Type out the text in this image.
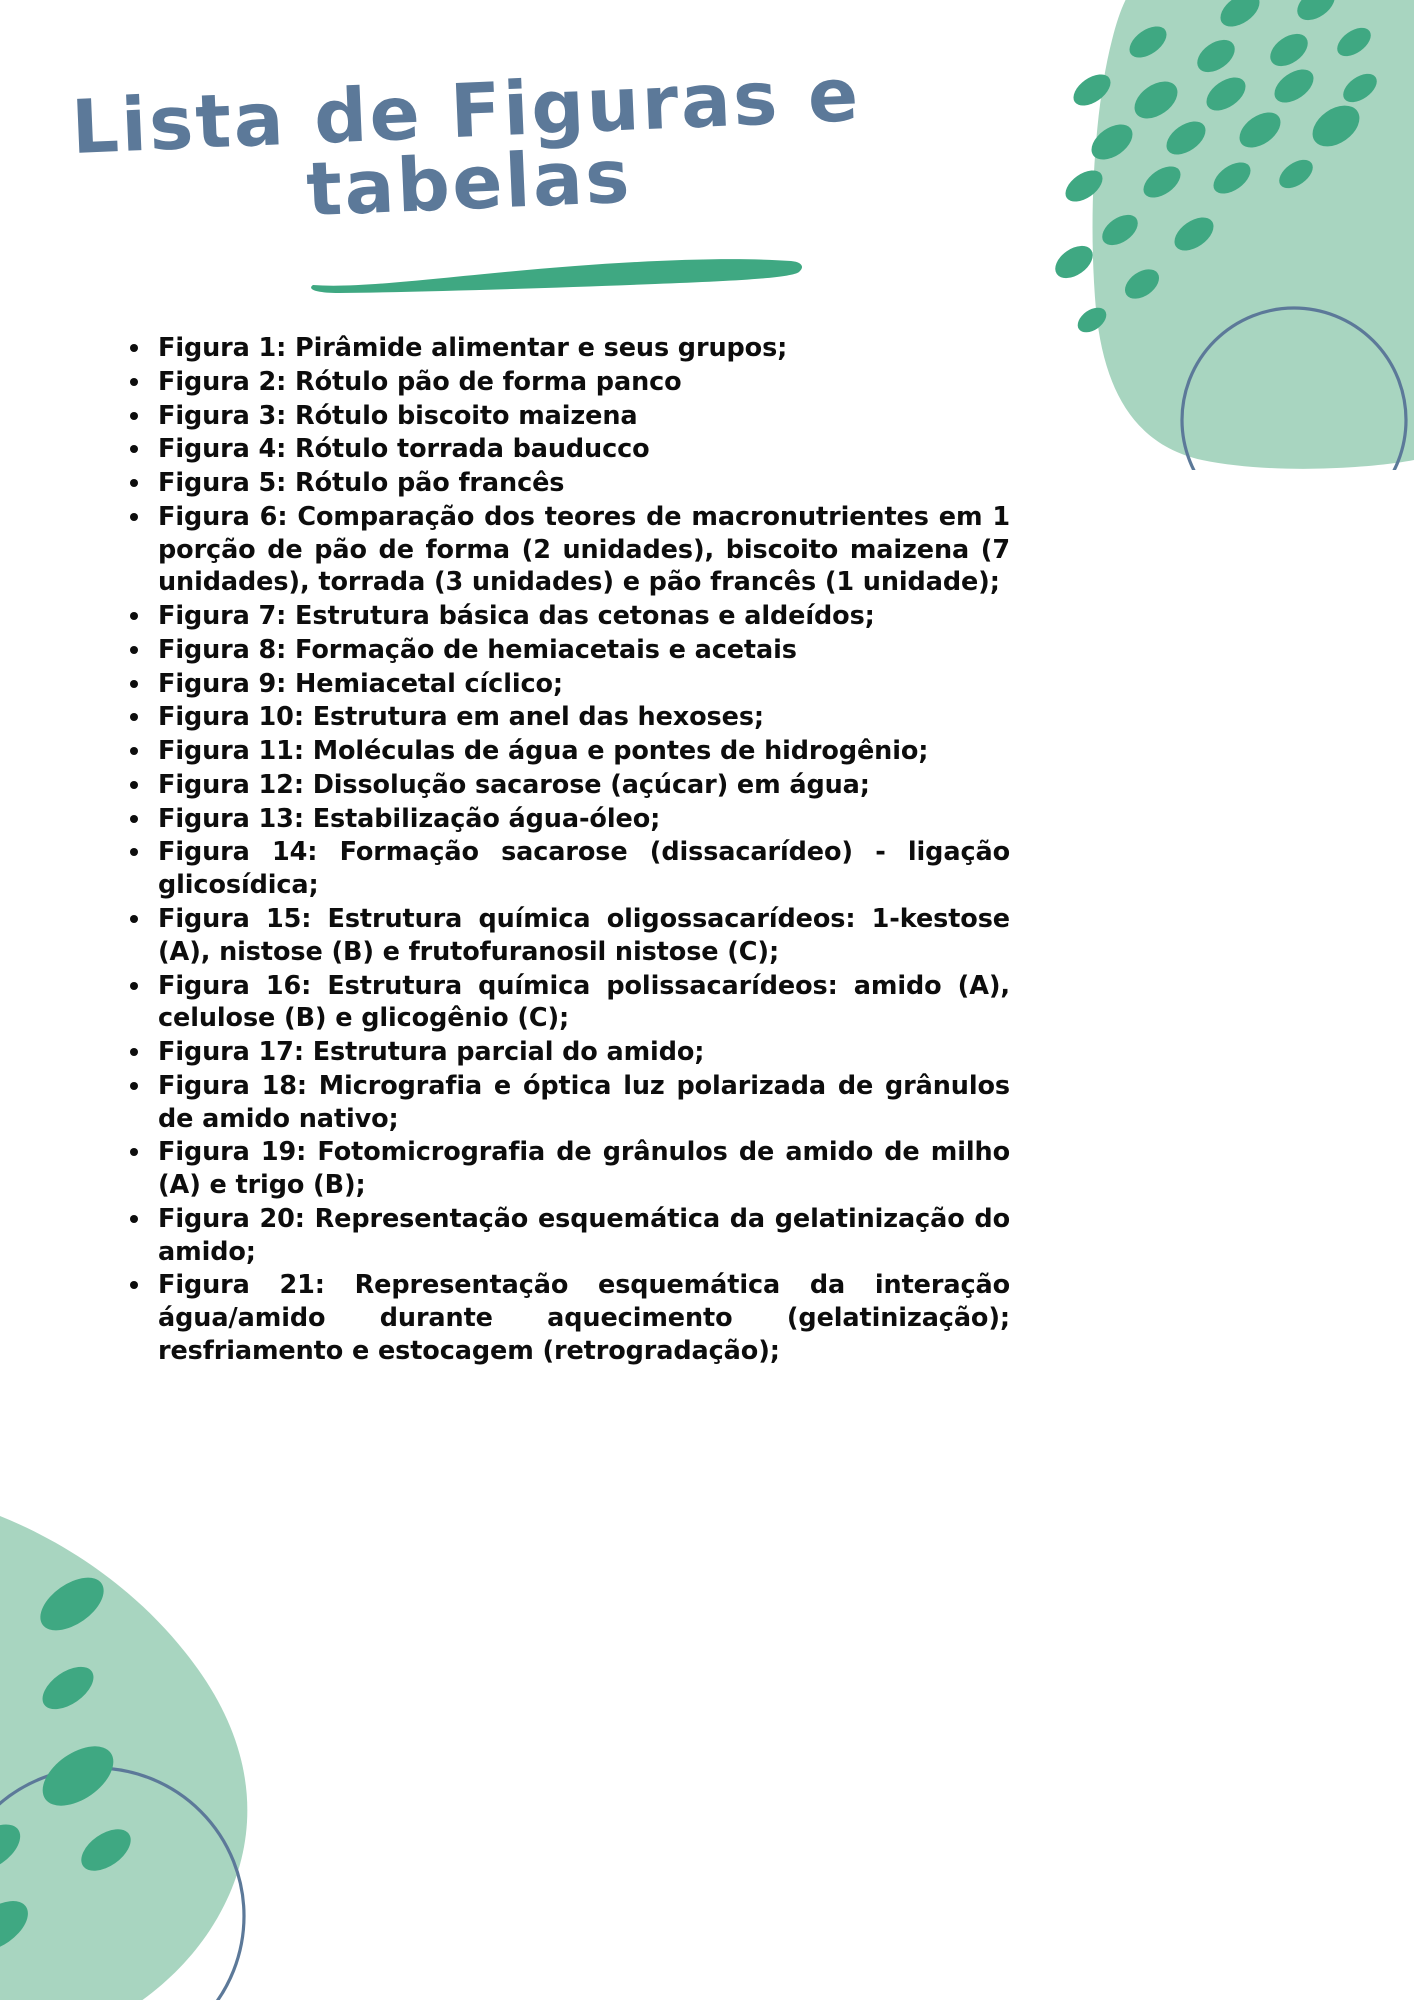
Lista de Figuras e
tabelas
Figura 1: Pirâmide alimentar e seus grupos;
Figura 2: Rótulo pão de forma panco
Figura 3: Rótulo biscoito maizena
Figura 4: Rótulo torrada bauducco
Figura 5: Rótulo pão francês
Figura 6: Comparação dos teores de macronutrientes em 1 porção de pão de forma (2 unidades), biscoito maizena (7 unidades), torrada (3 unidades) e pão francês (1 unidade);
Figura 7: Estrutura básica das cetonas e aldeídos;
Figura 8: Formação de hemiacetais e acetais
Figura 9: Hemiacetal cíclico;
Figura 10: Estrutura em anel das hexoses;
Figura 11: Moléculas de água e pontes de hidrogênio;
Figura 12: Dissolução sacarose (açúcar) em água;
Figura 13: Estabilização água-óleo;
Figura 14: Formação sacarose (dissacarídeo) - ligação glicosídica;
Figura 15: Estrutura química oligossacarídeos: 1-kestose (A), nistose (B) e frutofuranosil nistose (C);
Figura 16: Estrutura química polissacarídeos: amido (A), celulose (B) e glicogênio (C);
Figura 17: Estrutura parcial do amido;
Figura 18: Micrografia e óptica luz polarizada de grânulos de amido nativo;
Figura 19: Fotomicrografia de grânulos de amido de milho (A) e trigo (B);
Figura 20: Representação esquemática da gelatinização do amido;
Figura 21: Representação esquemática da interação água/amido durante aquecimento (gelatinização); resfriamento e estocagem (retrogradação);
